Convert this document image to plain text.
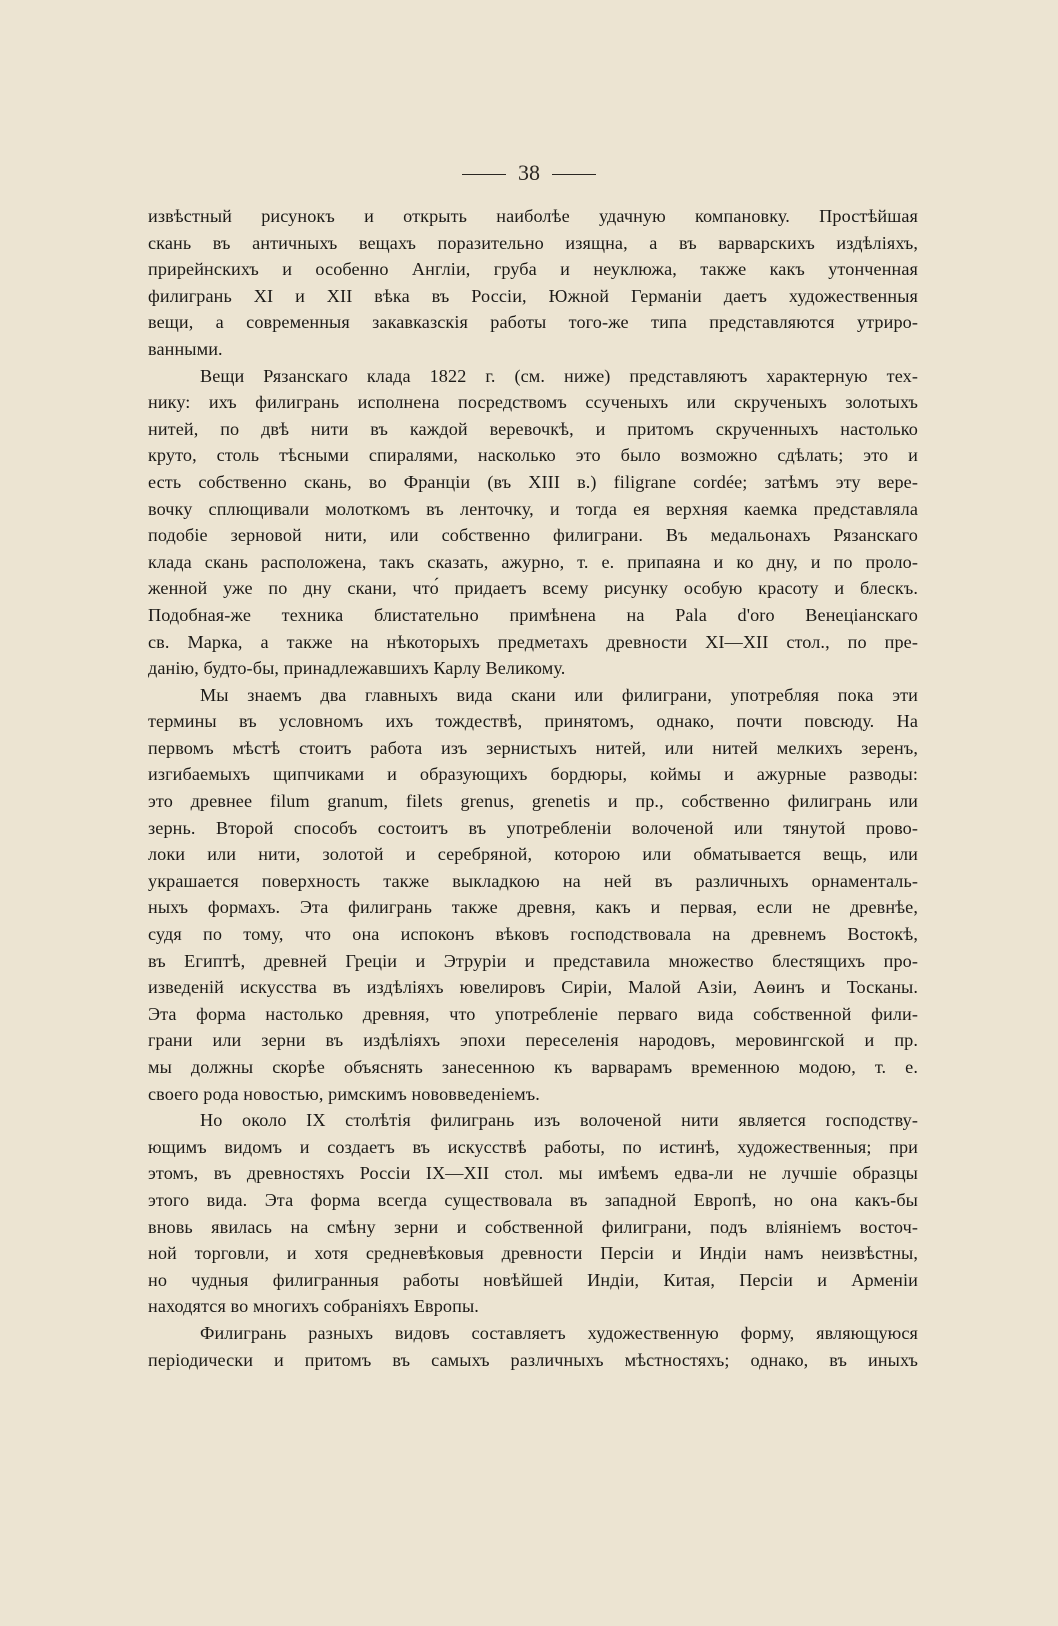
38
извѣстный рисунокъ и открыть наиболѣе удачную компановку. Простѣйшая
скань въ античныхъ вещахъ поразительно изящна, а въ варварскихъ издѣліяхъ,
прирейнскихъ и особенно Англіи, груба и неуклюжа, также какъ утонченная
филигрань XI и XII вѣка въ Россіи, Южной Германіи даетъ художественныя
вещи, а современныя закавказскія работы того-же типа представляются утриро-
ванными.
Вещи Рязанскаго клада 1822 г. (см. ниже) представляютъ характерную тех-
нику: ихъ филигрань исполнена посредствомъ ссученыхъ или скрученыхъ золотыхъ
нитей, по двѣ нити въ каждой веревочкѣ, и притомъ скрученныхъ настолько
круто, столь тѣсными спиралями, насколько это было возможно сдѣлать; это и
есть собственно скань, во Франціи (въ XIII в.) filigrane cordée; затѣмъ эту вере-
вочку сплющивали молоткомъ въ ленточку, и тогда ея верхняя каемка представляла
подобіе зерновой нити, или собственно филиграни. Въ медальонахъ Рязанскаго
клада скань расположена, такъ сказать, ажурно, т. е. припаяна и ко дну, и по проло-
женной уже по дну скани, что́ придаетъ всему рисунку особую красоту и блескъ.
Подобная-же техника блистательно примѣнена на Pala d'oro Венеціанскаго
св. Марка, а также на нѣкоторыхъ предметахъ древности XI—XII стол., по пре-
данію, будто-бы, принадлежавшихъ Карлу Великому.
Мы знаемъ два главныхъ вида скани или филиграни, употребляя пока эти
термины въ условномъ ихъ тождествѣ, принятомъ, однако, почти повсюду. На
первомъ мѣстѣ стоитъ работа изъ зернистыхъ нитей, или нитей мелкихъ зеренъ,
изгибаемыхъ щипчиками и образующихъ бордюры, коймы и ажурные разводы:
это древнее filum granum, filets grenus, grenetis и пр., собственно филигрань или
зернь. Второй способъ состоитъ въ употребленіи волоченой или тянутой прово-
локи или нити, золотой и серебряной, которою или обматывается вещь, или
украшается поверхность также выкладкою на ней въ различныхъ орнаменталь-
ныхъ формахъ. Эта филигрань также древня, какъ и первая, если не древнѣе,
судя по тому, что она испоконъ вѣковъ господствовала на древнемъ Востокѣ,
въ Египтѣ, древней Греціи и Этруріи и представила множество блестящихъ про-
изведеній искусства въ издѣліяхъ ювелировъ Сиріи, Малой Азіи, Аѳинъ и Тосканы.
Эта форма настолько древняя, что употребленіе перваго вида собственной фили-
грани или зерни въ издѣліяхъ эпохи переселенія народовъ, меровингской и пр.
мы должны скорѣе объяснять занесенною къ варварамъ временною модою, т. е.
своего рода новостью, римскимъ нововведеніемъ.
Но около IX столѣтія филигрань изъ волоченой нити является господству-
ющимъ видомъ и создаетъ въ искусствѣ работы, по истинѣ, художественныя; при
этомъ, въ древностяхъ Россіи IX—XII стол. мы имѣемъ едва-ли не лучшіе образцы
этого вида. Эта форма всегда существовала въ западной Европѣ, но она какъ-бы
вновь явилась на смѣну зерни и собственной филиграни, подъ вліяніемъ восточ-
ной торговли, и хотя средневѣковыя древности Персіи и Индіи намъ неизвѣстны,
но чудныя филигранныя работы новѣйшей Индіи, Китая, Персіи и Арменіи
находятся во многихъ собраніяхъ Европы.
Филигрань разныхъ видовъ составляетъ художественную форму, являющуюся
періодически и притомъ въ самыхъ различныхъ мѣстностяхъ; однако, въ иныхъ
